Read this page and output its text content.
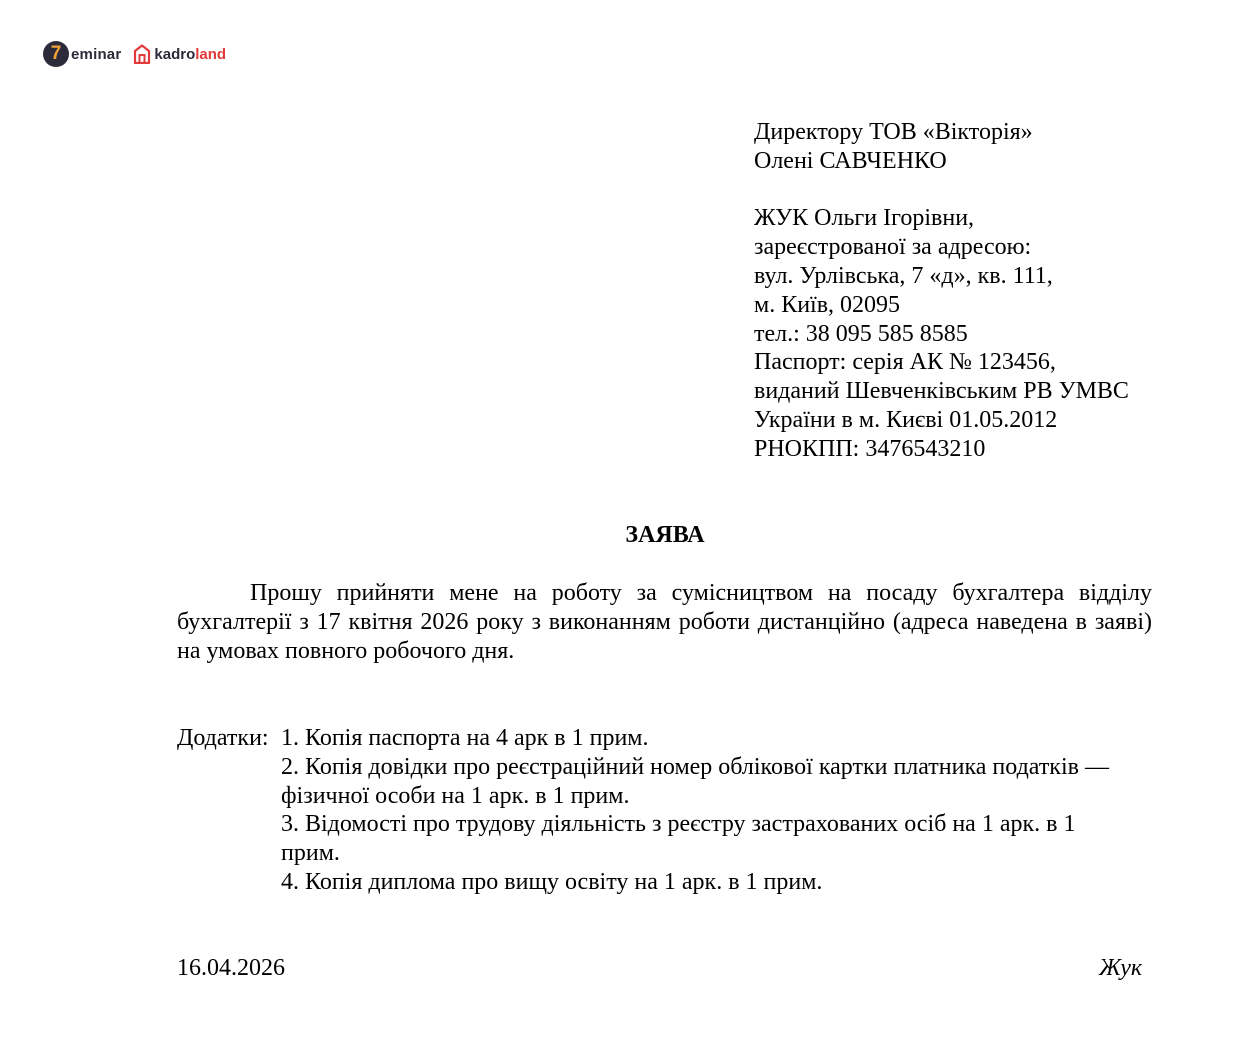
7 eminar kadroland
Директору ТОВ «Вікторія»
Олені САВЧЕНКО
ЖУК Ольги Ігорівни,
зареєстрованої за адресою:
вул. Урлівська, 7 «д», кв. 111,
м. Київ, 02095
тел.: 38 095 585 8585
Паспорт: серія АК № 123456,
виданий Шевченківським РВ УМВС
України в м. Києві 01.05.2012
РНОКПП: 3476543210
ЗАЯВА

Прошу прийняти мене на роботу за сумісництвом на посаду бухгалтера відділу бухгалтерії з 17 квітня 2026 року з виконанням роботи дистанційно (адреса наведена в заяві) на умовах повного робочого дня.

Додатки: 1. Копія паспорта на 4 арк в 1 прим.
2. Копія довідки про реєстраційний номер облікової картки платника податків — фізичної особи на 1 арк. в 1 прим.
3. Відомості про трудову діяльність з реєстру застрахованих осіб на 1 арк. в 1 прим.
4. Копія диплома про вищу освіту на 1 арк. в 1 прим.
16.04.2026	Жук
